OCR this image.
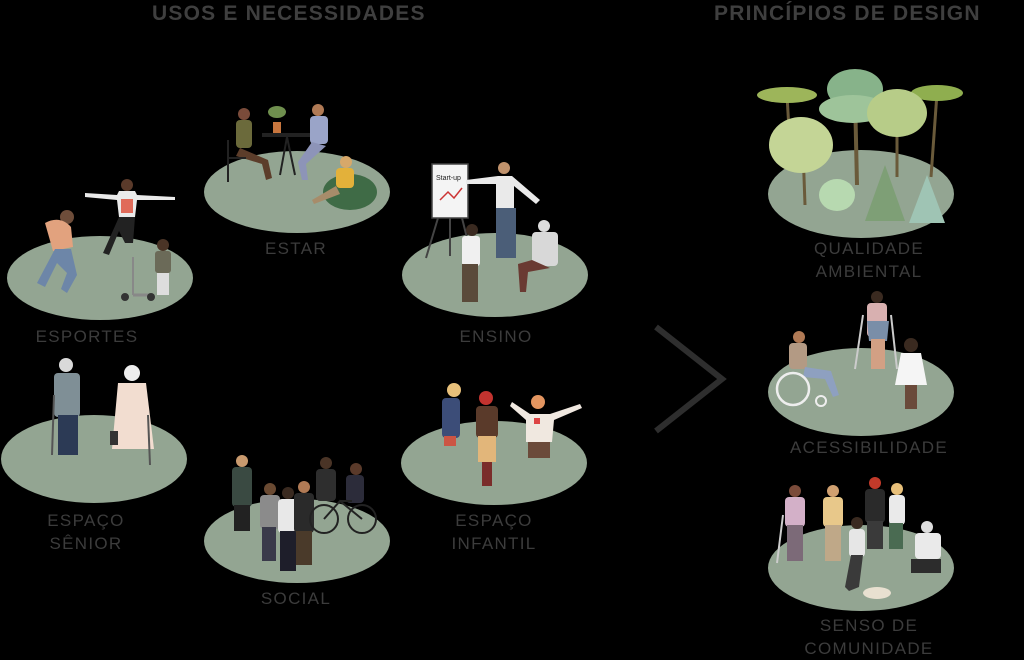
USOS E NECESSIDADES	PRINCÍPIOS DE DESIGN
ESTAR
ESPORTES
Start-up
ENSINO
ESPAÇO
SÊNIOR
ESPAÇO
INFANTIL
SOCIAL
QUALIDADE
AMBIENTAL
ACESSIBILIDADE
SENSO DE
COMUNIDADE
